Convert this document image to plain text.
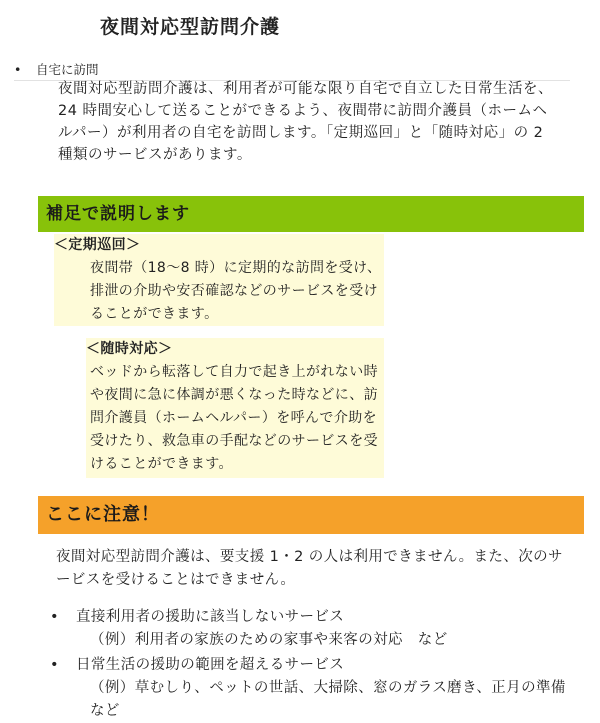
夜間対応型訪問介護
• 自宅に訪問
夜間対応型訪問介護は、利用者が可能な限り自宅で自立した日常生活を、24 時間安心して送ることができるよう、夜間帯に訪問介護員（ホームヘルパー）が利用者の自宅を訪問します。「定期巡回」と「随時対応」の 2 種類のサービスがあります。
補足で説明します
＜定期巡回＞
夜間帯（18〜8 時）に定期的な訪問を受け、排泄の介助や安否確認などのサービスを受けることができます。
＜随時対応＞
ベッドから転落して自力で起き上がれない時や夜間に急に体調が悪くなった時などに、訪問介護員（ホームヘルパー）を呼んで介助を受けたり、救急車の手配などのサービスを受けることができます。
ここに注意！
夜間対応型訪問介護は、要支援 1・2 の人は利用できません。また、次のサービスを受けることはできません。
• 直接利用者の援助に該当しないサービス
（例）利用者の家族のための家事や来客の対応　など
• 日常生活の援助の範囲を超えるサービス
（例）草むしり、ペットの世話、大掃除、窓のガラス磨き、正月の準備　など
